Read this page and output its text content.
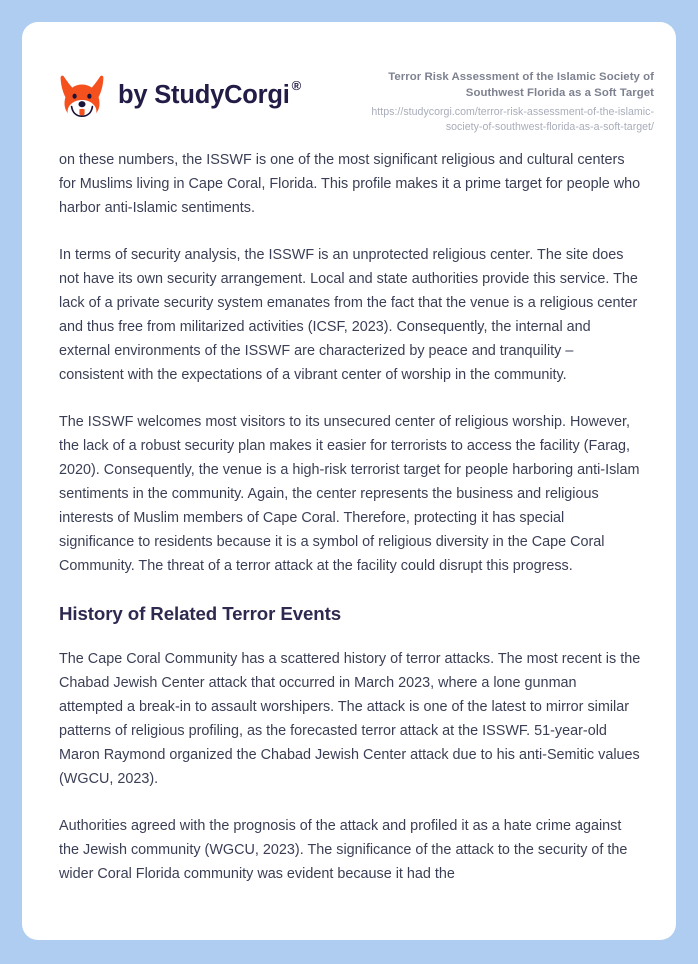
by StudyCorgi ®
Terror Risk Assessment of the Islamic Society of Southwest Florida as a Soft Target
https://studycorgi.com/terror-risk-assessment-of-the-islamic-society-of-southwest-florida-as-a-soft-target/

on these numbers, the ISSWF is one of the most significant religious and cultural centers for Muslims living in Cape Coral, Florida. This profile makes it a prime target for people who harbor anti-Islamic sentiments.

In terms of security analysis, the ISSWF is an unprotected religious center. The site does not have its own security arrangement. Local and state authorities provide this service. The lack of a private security system emanates from the fact that the venue is a religious center and thus free from militarized activities (ICSF, 2023). Consequently, the internal and external environments of the ISSWF are characterized by peace and tranquility – consistent with the expectations of a vibrant center of worship in the community.

The ISSWF welcomes most visitors to its unsecured center of religious worship. However, the lack of a robust security plan makes it easier for terrorists to access the facility (Farag, 2020). Consequently, the venue is a high-risk terrorist target for people harboring anti-Islam sentiments in the community. Again, the center represents the business and religious interests of Muslim members of Cape Coral. Therefore, protecting it has special significance to residents because it is a symbol of religious diversity in the Cape Coral Community. The threat of a terror attack at the facility could disrupt this progress.

History of Related Terror Events

The Cape Coral Community has a scattered history of terror attacks. The most recent is the Chabad Jewish Center attack that occurred in March 2023, where a lone gunman attempted a break-in to assault worshipers. The attack is one of the latest to mirror similar patterns of religious profiling, as the forecasted terror attack at the ISSWF. 51-year-old Maron Raymond organized the Chabad Jewish Center attack due to his anti-Semitic values (WGCU, 2023).

Authorities agreed with the prognosis of the attack and profiled it as a hate crime against the Jewish community (WGCU, 2023). The significance of the attack to the security of the wider Coral Florida community was evident because it had the
